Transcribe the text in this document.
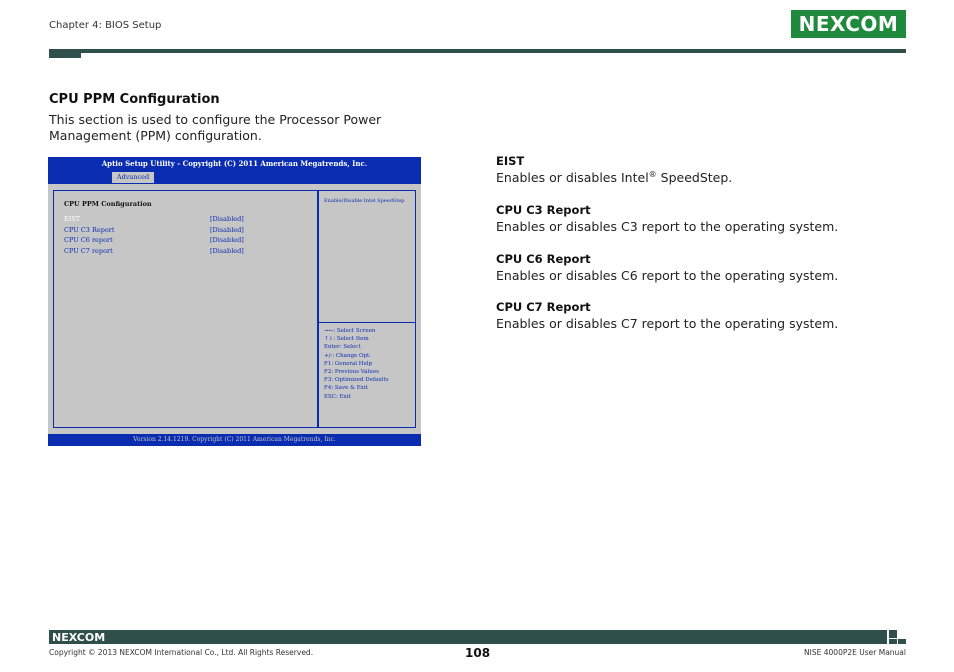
Chapter 4: BIOS Setup	NEXCOM
CPU PPM Configuration
This section is used to configure the Processor Power Management (PPM) configuration.
Aptio Setup Utility - Copyright (C) 2011 American Megatrends, Inc.
Advanced
CPU PPM Configuration
EIST	[Disabled]
CPU C3 Report	[Disabled]
CPU C6 report	[Disabled]
CPU C7 report	[Disabled]
Enable/Disable Intel SpeedStep
→←: Select Screen
↑↓: Select Item
Enter: Select
+/-: Change Opt.
F1: General Help
F2: Previous Values
F3: Optimized Defaults
F4: Save & Exit
ESC: Exit
Version 2.14.1219. Copyright (C) 2011 American Megatrends, Inc.
EIST
Enables or disables Intel® SpeedStep.
CPU C3 Report
Enables or disables C3 report to the operating system.
CPU C6 Report
Enables or disables C6 report to the operating system.
CPU C7 Report
Enables or disables C7 report to the operating system.
NEXCOM
Copyright © 2013 NEXCOM International Co., Ltd. All Rights Reserved.	108	NISE 4000P2E User Manual
